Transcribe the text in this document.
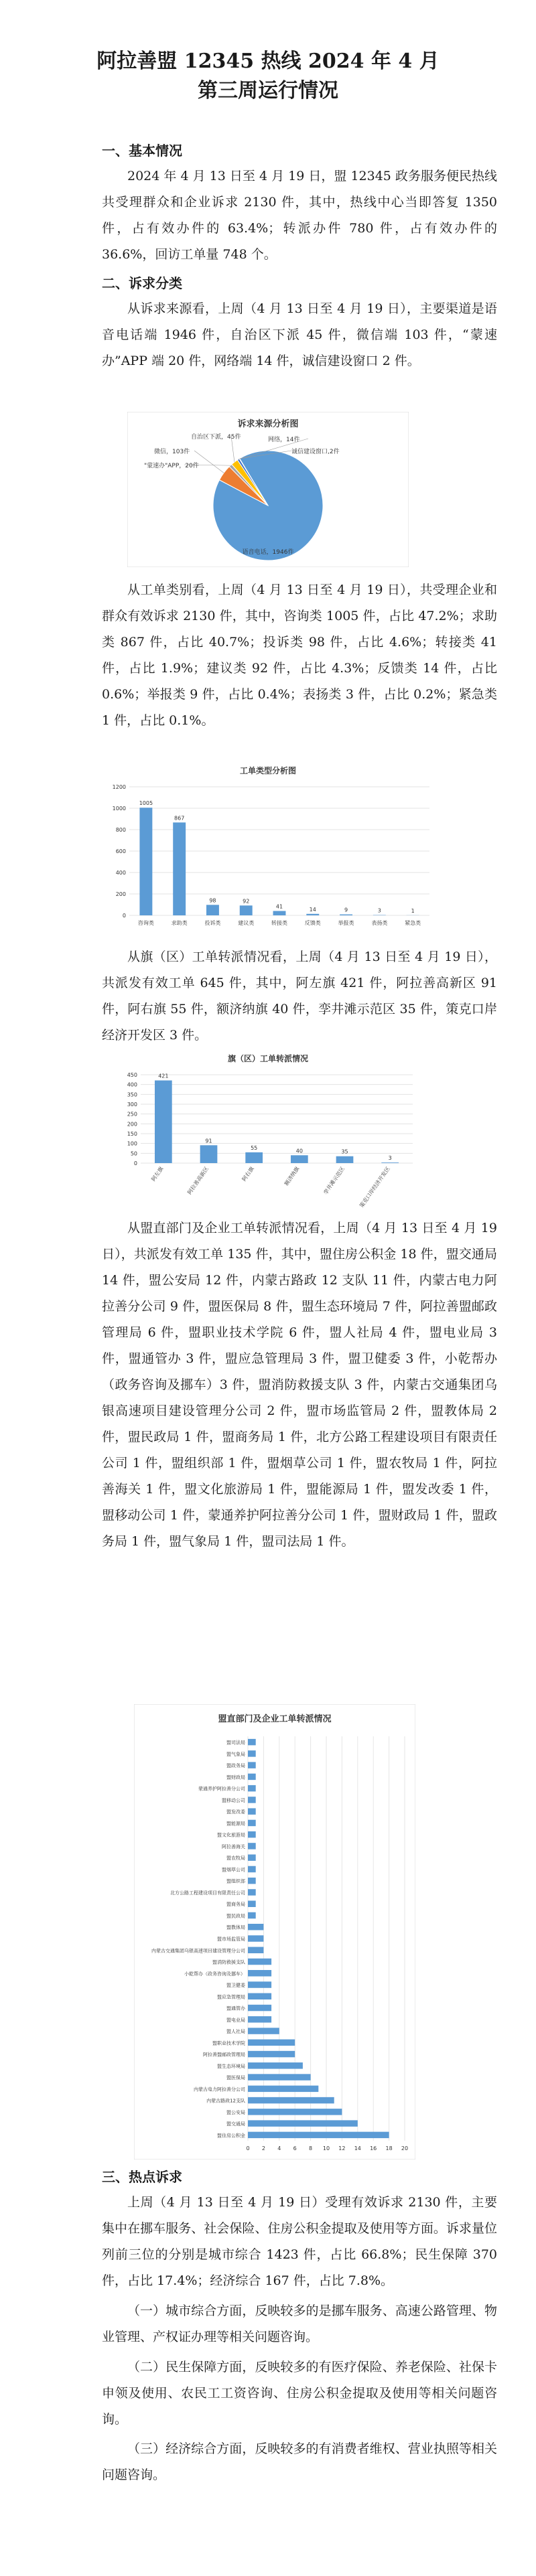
阿拉善盟 12345 热线 2024 年 4 月
第三周运行情况
一、基本情况
2024 年 4 月 13 日至 4 月 19 日，盟 12345 政务服务便民热线共受理群众和企业诉求 2130 件，其中，热线中心当即答复 1350 件，占有效办件的 63.4%；转派办件 780 件，占有效办件的 36.6%，回访工单量 748 个。
二、诉求分类
从诉求来源看，上周（4 月 13 日至 4 月 19 日），主要渠道是语音电话端 1946 件，自治区下派 45 件，微信端 103 件，“蒙速办”APP 端 20 件，网络端 14 件，诚信建设窗口 2 件。
诉求来源分析图
语音电话，1946件
微信，103件
"蒙速办"APP，20件
自治区下派，45件	网络，14件
诚信建设窗口,2件
从工单类别看，上周（4 月 13 日至 4 月 19 日），共受理企业和群众有效诉求 2130 件，其中，咨询类 1005 件，占比 47.2%；求助类 867 件，占比 40.7%；投诉类 98 件，占比 4.6%；转接类 41 件，占比 1.9%；建议类 92 件，占比 4.3%；反馈类 14 件，占比 0.6%；举报类 9 件，占比 0.4%；表扬类 3 件，占比 0.2%；紧急类 1 件，占比 0.1%。
工单类型分析图
0
200
400
600
800
1000
1200
1005
咨询类
867
求助类
98
投诉类
92
建议类
41
转接类
14
反馈类
9
举报类
3
表扬类
1
紧急类
从旗（区）工单转派情况看，上周（4 月 13 日至 4 月 19 日），共派发有效工单 645 件，其中，阿左旗 421 件，阿拉善高新区 91 件，阿右旗 55 件，额济纳旗 40 件，孪井滩示范区 35 件，策克口岸经济开发区 3 件。
旗（区）工单转派情况
0
50
100
150
200
250
300
350
400
450	421
阿左旗
91
阿拉善高新区
55
阿右旗
40
额济纳旗
35
孪井滩示范区
3
策克口岸经济开发区
从盟直部门及企业工单转派情况看，上周（4 月 13 日至 4 月 19 日），共派发有效工单 135 件，其中，盟住房公积金 18 件，盟交通局 14 件，盟公安局 12 件，内蒙古路政 12 支队 11 件，内蒙古电力阿拉善分公司 9 件，盟医保局 8 件，盟生态环境局 7 件，阿拉善盟邮政管理局 6 件，盟职业技术学院 6 件，盟人社局 4 件，盟电业局 3 件，盟通管办 3 件，盟应急管理局 3 件，盟卫健委 3 件，小乾帮办（政务咨询及挪车）3 件，盟消防救援支队 3 件，内蒙古交通集团乌银高速项目建设管理分公司 2 件，盟市场监管局 2 件，盟教体局 2 件，盟民政局 1 件，盟商务局 1 件，北方公路工程建设项目有限责任公司 1 件，盟组织部 1 件，盟烟草公司 1 件，盟农牧局 1 件，阿拉善海关 1 件，盟文化旅游局 1 件，盟能源局 1 件，盟发改委 1 件，盟移动公司 1 件，蒙通养护阿拉善分公司 1 件，盟财政局 1 件，盟政务局 1 件，盟气象局 1 件，盟司法局 1 件。
盟直部门及企业工单转派情况
0 2 4 6 8 10 12 14 16 18 20
盟住房公积金
盟交通局
盟公安局
内蒙古路政12支队
内蒙古电力阿拉善分公司
盟医保局
盟生态环境局
阿拉善盟邮政管理局
盟职业技术学院
盟人社局
盟电业局
盟通管办
盟应急管理局
盟卫健委
小乾帮办（政务咨询及挪车）
盟消防救援支队
内蒙古交通集团乌银高速项目建设管理分公司
盟市场监管局
盟教体局
盟民政局
盟商务局
北方公路工程建设项目有限责任公司
盟组织部
盟烟草公司
盟农牧局
阿拉善海关
盟文化旅游局
盟能源局
盟发改委
盟移动公司
蒙通养护阿拉善分公司
盟财政局
盟政务局
盟气象局
盟司法局
三、热点诉求
上周（4 月 13 日至 4 月 19 日）受理有效诉求 2130 件，主要集中在挪车服务、社会保险、住房公积金提取及使用等方面。诉求量位列前三位的分别是城市综合 1423 件，占比 66.8%；民生保障 370 件，占比 17.4%；经济综合 167 件，占比 7.8%。
（一）城市综合方面，反映较多的是挪车服务、高速公路管理、物业管理、产权证办理等相关问题咨询。
（二）民生保障方面，反映较多的有医疗保险、养老保险、社保卡申领及使用、农民工工资咨询、住房公积金提取及使用等相关问题咨询。
（三）经济综合方面，反映较多的有消费者维权、营业执照等相关问题咨询。
